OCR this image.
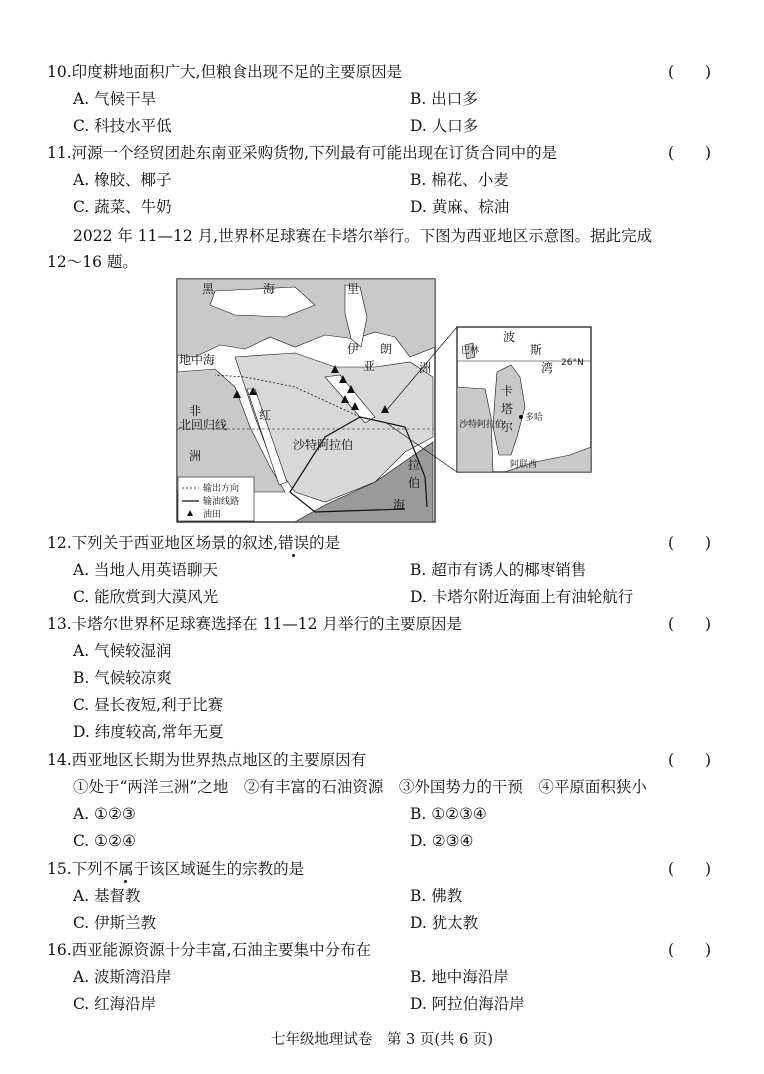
10.印度耕地面积广大,但粮食出现不足的主要原因是	(　　)
A. 气候干旱	B. 出口多
C. 科技水平低	D. 人口多
11.河源一个经贸团赴东南亚采购货物,下列最有可能出现在订货合同中的是	(　　)
A. 橡胶、椰子	B. 棉花、小麦
C. 蔬菜、牛奶	D. 黄麻、棕油
2022 年 11—12 月,世界杯足球赛在卡塔尔举行。下图为西亚地区示意图。据此完成
12～16 题。
黑	海	里
伊 朗
亚	洲
地中海
红
非
洲
北回归线
沙特阿拉伯
拉
伯
海
输出方向
输油线路
油田
波
斯
湾 26°N
巴林
卡
塔
尔
多哈
沙特阿拉伯
阿联酋
12.下列关于西亚地区场景的叙述,错误的是	(　　)
A. 当地人用英语聊天	B. 超市有诱人的椰枣销售
C. 能欣赏到大漠风光	D. 卡塔尔附近海面上有油轮航行
13.卡塔尔世界杯足球赛选择在 11—12 月举行的主要原因是	(　　)
A. 气候较湿润
B. 气候较凉爽
C. 昼长夜短,利于比赛
D. 纬度较高,常年无夏
14.西亚地区长期为世界热点地区的主要原因有	(　　)
①处于“两洋三洲”之地　②有丰富的石油资源　③外国势力的干预　④平原面积狭小
A. ①②③	B. ①②③④
C. ①②④	D. ②③④
15.下列不属于该区域诞生的宗教的是	(　　)
A. 基督教	B. 佛教
C. 伊斯兰教	D. 犹太教
16.西亚能源资源十分丰富,石油主要集中分布在	(　　)
A. 波斯湾沿岸	B. 地中海沿岸
C. 红海沿岸	D. 阿拉伯海沿岸
七年级地理试卷　第 3 页(共 6 页)
